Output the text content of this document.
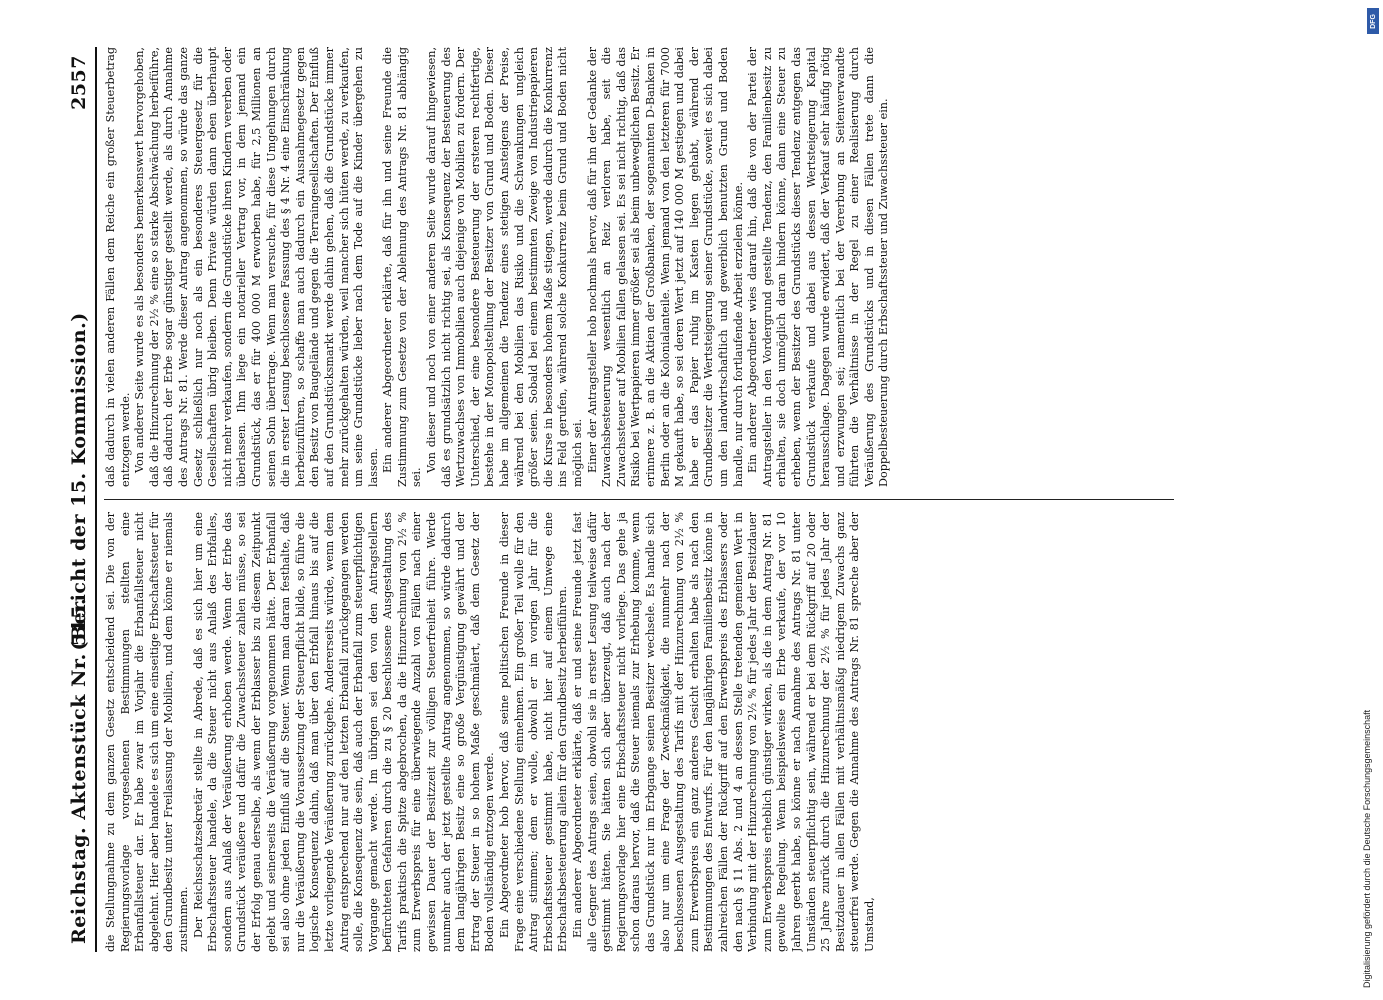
Reichstag. Aktenstück Nr. 515.
(Bericht der 15. Kommission.)
2557

die Stellungnahme zu dem ganzen Gesetz entscheidend sei. Die von der Regierungsvorlage vorgesehenen Bestimmungen stellten eine Erbanfallsteuer dar. Er habe zwar im Vorjahr die Erbanfallsteuer nicht abgelehnt. Hier aber handele es sich um eine einseitige Erbschaftssteuer für den Grundbesitz unter Freilassung der Mobilien, und dem könne er niemals zustimmen. Der Reichsschatzsekretär stellte in Abrede, daß es sich hier um eine Erbschaftssteuer handele, da die Steuer nicht aus Anlaß des Erbfalles, sondern aus Anlaß der Veräußerung erhoben werde. Wenn der Erbe das Grundstück veräußere und dafür die Zuwachssteuer zahlen müsse, so sei der Erfolg genau derselbe, als wenn der Erblasser bis zu diesem Zeitpunkt gelebt und seinerseits die Veräußerung vorgenommen hätte. Der Erbanfall sei also ohne jeden Einfluß auf die Steuer. Wenn man daran festhalte, daß nur die Veräußerung die Voraussetzung der Steuerpflicht bilde, so führe die logische Konsequenz dahin, daß man über den Erbfall hinaus bis auf die letzte vorliegende Veräußerung zurückgehe. Andererseits würde, wenn dem Antrag entsprechend nur auf den letzten Erbanfall zurückgegangen werden solle, die Konsequenz die sein, daß auch der Erbanfall zum steuerpflichtigen Vorgange gemacht werde. Im übrigen sei den von den Antragstellern befürchteten Gefahren durch die zu § 20 beschlossene Ausgestaltung des Tarifs praktisch die Spitze abgebrochen, da die Hinzurechnung von 2½ % zum Erwerbspreis für eine überwiegende Anzahl von Fällen nach einer gewissen Dauer der Besitzzeit zur völligen Steuerfreiheit führe. Werde nunmehr auch der jetzt gestellte Antrag angenommen, so würde dadurch dem langjährigen Besitz eine so große Vergünstigung gewährt und der Ertrag der Steuer in so hohem Maße geschmälert, daß dem Gesetz der Boden vollständig entzogen werde. Ein Abgeordneter hob hervor, daß seine politischen Freunde in dieser Frage eine verschiedene Stellung einnehmen. Ein großer Teil wolle für den Antrag stimmen; dem er wolle, obwohl er im vorigen Jahr für die Erbschaftssteuer gestimmt habe, nicht hier auf einem Umwege eine Erbschaftsbesteuerung allein für den Grundbesitz herbeiführen. Ein anderer Abgeordneter erklärte, daß er und seine Freunde jetzt fast alle Gegner des Antrags seien, obwohl sie in erster Lesung teilweise dafür gestimmt hätten. Sie hätten sich aber überzeugt, daß auch nach der Regierungsvorlage hier eine Erbschaftssteuer nicht vorliege. Das gehe ja schon daraus hervor, daß die Steuer niemals zur Erhebung komme, wenn das Grundstück nur im Erbgange seinen Besitzer wechsele. Es handle sich also nur um eine Frage der Zweckmäßigkeit, die nunmehr nach der beschlossenen Ausgestaltung des Tarifs mit der Hinzurechnung von 2½ % zum Erwerbspreis ein ganz anderes Gesicht erhalten habe als nach den Bestimmungen des Entwurfs. Für den langjährigen Familienbesitz könne in zahlreichen Fällen der Rückgriff auf den Erwerbspreis des Erblassers oder den nach § 11 Abs. 2 und 4 an dessen Stelle tretenden gemeinen Wert in Verbindung mit der Hinzurechnung von 2½ % für jedes Jahr der Besitzdauer zum Erwerbspreis erheblich günstiger wirken, als die in dem Antrag Nr. 81 gewollte Regelung. Wenn beispielsweise ein Erbe verkaufe, der vor 10 Jahren geerbt habe, so könne er nach Annahme des Antrags Nr. 81 unter Umständen steuerpflichtig sein, während er bei dem Rückgriff auf 20 oder 25 Jahre zurück durch die Hinzurechnung der 2½ % für jedes Jahr der Besitzdauer in allen Fällen mit verhältnismäßig niedrigem Zuwachs ganz steuerfrei werde. Gegen die Annahme des Antrags Nr. 81 spreche aber der Umstand,

daß dadurch in vielen anderen Fällen dem Reiche ein großer Steuerbetrag entzogen werde. Von anderer Seite wurde es als besonders bemerkenswert hervorgehoben, daß die Hinzurechnung der 2½ % eine so starke Abschwächung herbeiführe, daß dadurch der Erbe sogar günstiger gestellt werde, als durch Annahme des Antrags Nr. 81. Werde dieser Antrag angenommen, so würde das ganze Gesetz schließlich nur noch als ein besonderes Steuergesetz für die Gesellschaften übrig bleiben. Denn Private würden dann eben überhaupt nicht mehr verkaufen, sondern die Grundstücke ihren Kindern vererben oder überlassen. Ihm liege ein notarieller Vertrag vor, in dem jemand ein Grundstück, das er für 400 000 M erworben habe, für 2,5 Millionen an seinen Sohn übertrage. Wenn man versuche, für diese Umgehungen durch die in erster Lesung beschlossene Fassung des § 4 Nr. 4 eine Einschränkung herbeizuführen, so schaffe man auch dadurch ein Ausnahmegesetz gegen den Besitz von Baugelände und gegen die Terraingesellschaften. Der Einfluß auf den Grundstücksmarkt werde dahin gehen, daß die Grundstücke immer mehr zurückgehalten würden, weil mancher sich hüten werde, zu verkaufen, um seine Grundstücke lieber nach dem Tode auf die Kinder übergehen zu lassen. Ein anderer Abgeordneter erklärte, daß für ihn und seine Freunde die Zustimmung zum Gesetze von der Ablehnung des Antrags Nr. 81 abhängig sei.

Von dieser und noch von einer anderen Seite wurde darauf hingewiesen, daß es grundsätzlich nicht richtig sei, als Konsequenz der Besteuerung des Wertzuwachses von Immobilien auch diejenige von Mobilien zu fordern. Der Unterschied, der eine besondere Besteuerung der ersteren rechtfertige, bestehe in der Monopolstellung der Besitzer von Grund und Boden. Dieser habe im allgemeinen die Tendenz eines stetigen Ansteigens der Preise, während bei den Mobilien das Risiko und die Schwankungen ungleich größer seien. Sobald bei einem bestimmten Zweige von Industriepapieren die Kurse in besonders hohem Maße stiegen, werde dadurch die Konkurrenz ins Feld gerufen, während solche Konkurrenz beim Grund und Boden nicht möglich sei. Einer der Antragsteller hob nochmals hervor, daß für ihn der Gedanke der Zuwachsbesteuerung wesentlich an Reiz verloren habe, seit die Zuwachssteuer auf Mobilien fallen gelassen sei. Es sei nicht richtig, daß das Risiko bei Wertpapieren immer größer sei als beim unbeweglichen Besitz. Er erinnere z. B. an die Aktien der Großbanken, der sogenannten D-Banken in Berlin oder an die Kolonialanteile. Wenn jemand von den letzteren für 7000 M gekauft habe, so sei deren Wert jetzt auf 140 000 M gestiegen und dabei habe er das Papier ruhig im Kasten liegen gehabt, während der Grundbesitzer die Wertsteigerung seiner Grundstücke, soweit es sich dabei um den landwirtschaftlich und gewerblich benutzten Grund und Boden handle, nur durch fortlaufende Arbeit erzielen könne. Ein anderer Abgeordneter wies darauf hin, daß die von der Partei der Antragsteller in den Vordergrund gestellte Tendenz, den Familienbesitz zu erhalten, sie doch unmöglich daran hindern könne, dann eine Steuer zu erheben, wenn der Besitzer des Grundstücks dieser Tendenz entgegen das Grundstück verkaufe und dabei aus dessen Wertsteigerung Kapital herausschlage. Dagegen wurde erwidert, daß der Verkauf sehr häufig nötig und erzwungen sei; namentlich bei der Vererbung an Seitenverwandte führten die Verhältnisse in der Regel zu einer Realisierung durch Veräußerung des Grundstücks und in diesen Fällen trete dann die Doppelbesteuerung durch Erbschaftssteuer und Zuwachssteuer ein.

Digitalisierung gefördert durch die Deutsche Forschungsgemeinschaft
DFG
